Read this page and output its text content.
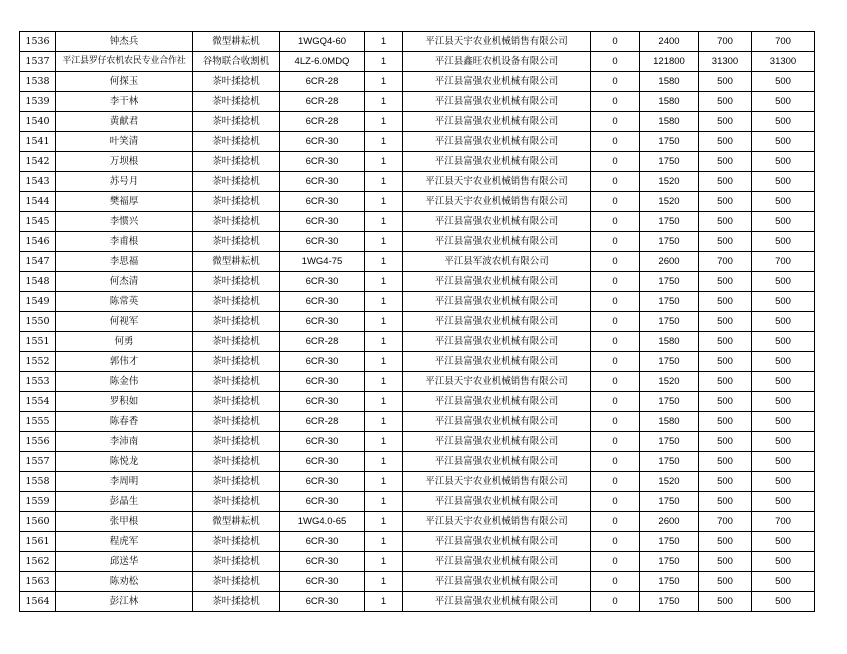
1536	钟杰兵	微型耕耘机	1WGQ4-60	1	平江县天宇农业机械销售有限公司	0	2400	700	700
1537	平江县罗仔农机农民专业合作社	谷物联合收割机	4LZ-6.0MDQ	1	平江县鑫旺农机设备有限公司	0	121800	31300	31300
1538	何探玉	茶叶揉捻机	6CR-28	1	平江县富强农业机械有限公司	0	1580	500	500
1539	李干林	茶叶揉捻机	6CR-28	1	平江县富强农业机械有限公司	0	1580	500	500
1540	黄献君	茶叶揉捻机	6CR-28	1	平江县富强农业机械有限公司	0	1580	500	500
1541	叶笑清	茶叶揉捻机	6CR-30	1	平江县富强农业机械有限公司	0	1750	500	500
1542	万坝根	茶叶揉捻机	6CR-30	1	平江县富强农业机械有限公司	0	1750	500	500
1543	苏号月	茶叶揉捻机	6CR-30	1	平江县天宇农业机械销售有限公司	0	1520	500	500
1544	樊福厚	茶叶揉捻机	6CR-30	1	平江县天宇农业机械销售有限公司	0	1520	500	500
1545	李惯兴	茶叶揉捻机	6CR-30	1	平江县富强农业机械有限公司	0	1750	500	500
1546	李甫根	茶叶揉捻机	6CR-30	1	平江县富强农业机械有限公司	0	1750	500	500
1547	李思福	微型耕耘机	1WG4-75	1	平江县军波农机有限公司	0	2600	700	700
1548	何杰清	茶叶揉捻机	6CR-30	1	平江县富强农业机械有限公司	0	1750	500	500
1549	陈常英	茶叶揉捻机	6CR-30	1	平江县富强农业机械有限公司	0	1750	500	500
1550	何视军	茶叶揉捻机	6CR-30	1	平江县富强农业机械有限公司	0	1750	500	500
1551	何勇	茶叶揉捻机	6CR-28	1	平江县富强农业机械有限公司	0	1580	500	500
1552	郭伟才	茶叶揉捻机	6CR-30	1	平江县富强农业机械有限公司	0	1750	500	500
1553	陈金伟	茶叶揉捻机	6CR-30	1	平江县天宇农业机械销售有限公司	0	1520	500	500
1554	罗积如	茶叶揉捻机	6CR-30	1	平江县富强农业机械有限公司	0	1750	500	500
1555	陈春香	茶叶揉捻机	6CR-28	1	平江县富强农业机械有限公司	0	1580	500	500
1556	李沛南	茶叶揉捻机	6CR-30	1	平江县富强农业机械有限公司	0	1750	500	500
1557	陈悦龙	茶叶揉捻机	6CR-30	1	平江县富强农业机械有限公司	0	1750	500	500
1558	李周明	茶叶揉捻机	6CR-30	1	平江县天宇农业机械销售有限公司	0	1520	500	500
1559	彭晶生	茶叶揉捻机	6CR-30	1	平江县富强农业机械有限公司	0	1750	500	500
1560	张甲根	微型耕耘机	1WG4.0-65	1	平江县天宇农业机械销售有限公司	0	2600	700	700
1561	程虎军	茶叶揉捻机	6CR-30	1	平江县富强农业机械有限公司	0	1750	500	500
1562	邱送华	茶叶揉捻机	6CR-30	1	平江县富强农业机械有限公司	0	1750	500	500
1563	陈劝松	茶叶揉捻机	6CR-30	1	平江县富强农业机械有限公司	0	1750	500	500
1564	彭江林	茶叶揉捻机	6CR-30	1	平江县富强农业机械有限公司	0	1750	500	500
